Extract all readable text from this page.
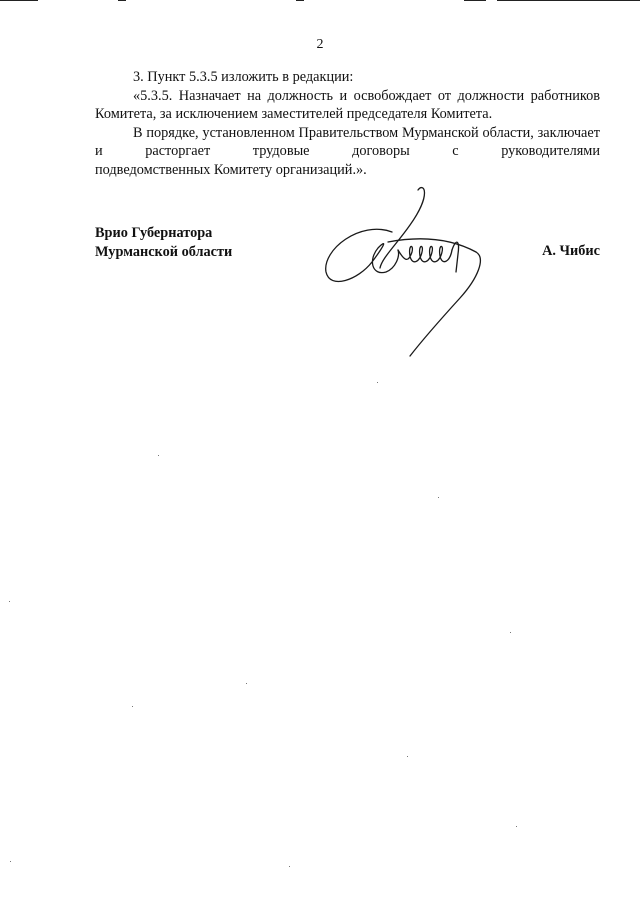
2

3. Пункт 5.3.5 изложить в редакции:

«5.3.5. Назначает на должность и освобождает от должности работников Комитета, за исключением заместителей председателя Комитета.

В порядке, установленном Правительством Мурманской области, заключает и расторгает трудовые договоры с руководителями

подведомственных Комитету организаций.».

Врио Губернатора
Мурманской области	А. Чибис
